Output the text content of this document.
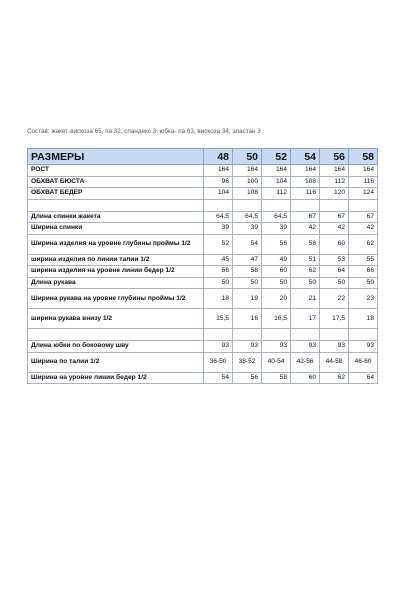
Состав: жакет-вискоза 65, па 32, спандекс 3, юбка- па 63, вискоза 34, эластан 3
РАЗМЕРЫ	48	50	52	54	56	58
РОСТ	164	164	164	164	164	164
ОБХВАТ БЮСТА	96	100	104	108	112	116
ОБХВАТ БЕДЕР	104	108	112	116	120	124

Длина спинки жакета	64,5	64,5	64,5	67	67	67
Ширина спинки	39	39	39	42	42	42
Ширина изделия на уровне глубины проймы 1/2	52	54	56	58	60	62
ширина изделия по линии талии 1/2	45	47	49	51	53	55
ширина изделия на уровне линии бедер 1/2	56	58	60	62	64	66
Длина рукава	50	50	50	50	50	50
Ширина рукава на уровне глубины проймы 1/2	18	19	20	21	22	23
ширина рукава внизу 1/2	15,5	16	16,5	17	17,5	18

Длина юбки по боковому шву	93	93	93	93	93	93
Ширина по талии 1/2	36-50	38-52	40-54	42-56	44-58	46-60
Ширина на уровне линии бедер 1/2	54	56	58	60	62	64
